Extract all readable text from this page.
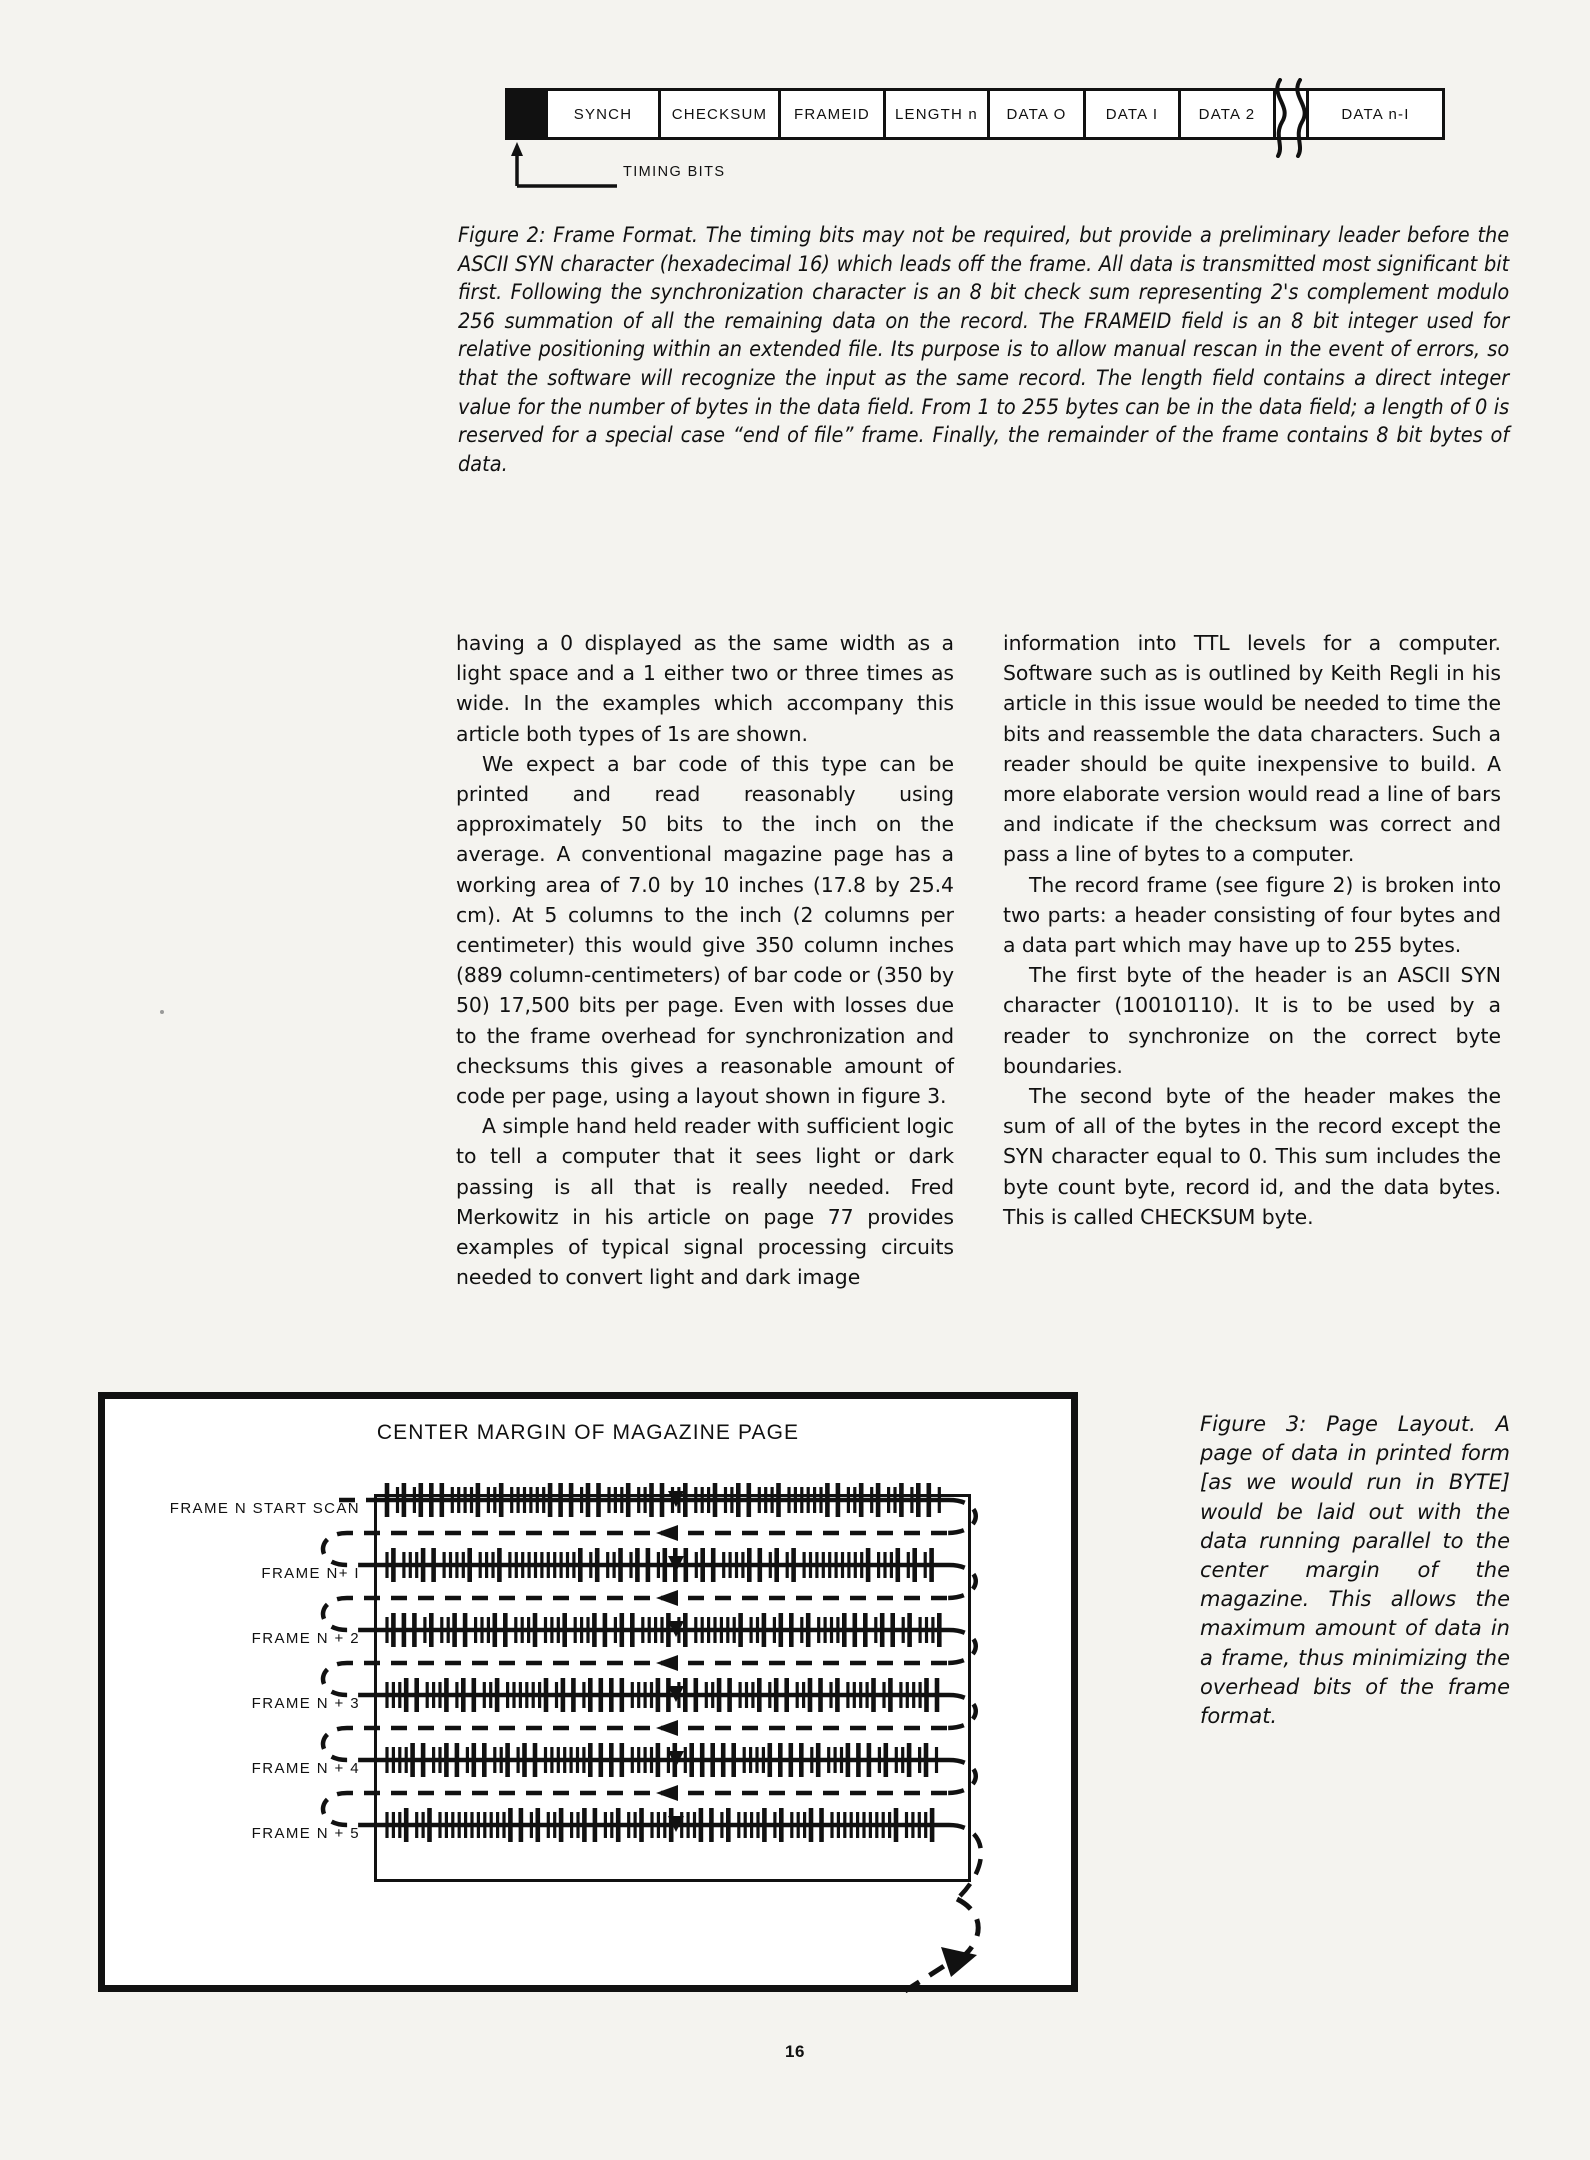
SYNCH	CHECKSUM	FRAMEID	LENGTH n	DATA O	DATA I	DATA 2	DATA n-I
TIMING BITS
Figure 2: Frame Format. The timing bits may not be required, but provide a preliminary leader before the ASCII SYN character (hexadecimal 16) which leads off the frame. All data is transmitted most significant bit first. Following the synchronization character is an 8 bit check sum representing 2's complement modulo 256 summation of all the remaining data on the record. The FRAMEID field is an 8 bit integer used for relative positioning within an extended file. Its purpose is to allow manual rescan in the event of errors, so that the software will recognize the input as the same record. The length field contains a direct integer value for the number of bytes in the data field. From 1 to 255 bytes can be in the data field; a length of 0 is reserved for a special case “end of file” frame. Finally, the remainder of the frame contains 8 bit bytes of data.

having a 0 displayed as the same width as a light space and a 1 either two or three times as wide. In the examples which accompany this article both types of 1s are shown.

We expect a bar code of this type can be printed and read reasonably using approximately 50 bits to the inch on the average. A conventional magazine page has a working area of 7.0 by 10 inches (17.8 by 25.4 cm). At 5 columns to the inch (2 columns per centimeter) this would give 350 column inches (889 column-centimeters) of bar code or (350 by 50) 17,500 bits per page. Even with losses due to the frame overhead for synchronization and checksums this gives a reasonable amount of code per page, using a layout shown in figure 3.

A simple hand held reader with sufficient logic to tell a computer that it sees light or dark passing is all that is really needed. Fred Merkowitz in his article on page 77 provides examples of typical signal processing circuits needed to convert light and dark image

information into TTL levels for a computer. Software such as is outlined by Keith Regli in his article in this issue would be needed to time the bits and reassemble the data characters. Such a reader should be quite inexpensive to build. A more elaborate version would read a line of bars and indicate if the checksum was correct and pass a line of bytes to a computer.

The record frame (see figure 2) is broken into two parts: a header consisting of four bytes and a data part which may have up to 255 bytes.

The first byte of the header is an ASCII SYN character (10010110). It is to be used by a reader to synchronize on the correct byte boundaries.

The second byte of the header makes the sum of all of the bytes in the record except the SYN character equal to 0. This sum includes the byte count byte, record id, and the data bytes. This is called CHECKSUM byte.

CENTER MARGIN OF MAGAZINE PAGE
FRAME N START SCAN
FRAME N+ I
FRAME N + 2
FRAME N + 3
FRAME N + 4
FRAME N + 5
Figure 3: Page Layout. A page of data in printed form [as we would run in BYTE] would be laid out with the data running parallel to the center margin of the magazine. This allows the maximum amount of data in a frame, thus minimizing the overhead bits of the frame format.
16
